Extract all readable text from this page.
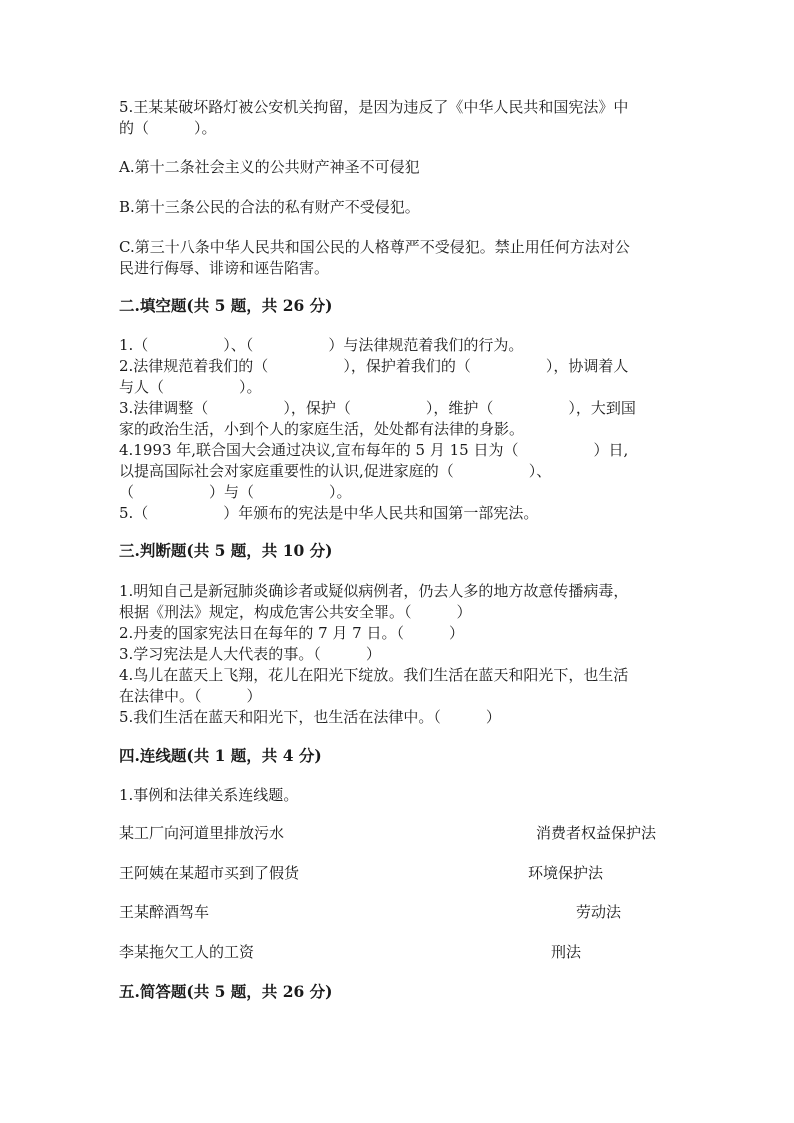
5.王某某破坏路灯被公安机关拘留，是因为违反了《中华人民共和国宪法》中
的（　　　）。
A.第十二条社会主义的公共财产神圣不可侵犯
B.第十三条公民的合法的私有财产不受侵犯。
C.第三十八条中华人民共和国公民的人格尊严不受侵犯。禁止用任何方法对公
民进行侮辱、诽谤和诬告陷害。
二.填空题(共 5 题，共 26 分)
1.（　　　　　）、（　　　　　）与法律规范着我们的行为。
2.法律规范着我们的（　　　　　），保护着我们的（　　　　　），协调着人
与人（　　　　　）。
3.法律调整（　　　　　），保护（　　　　　），维护（　　　　　），大到国
家的政治生活，小到个人的家庭生活，处处都有法律的身影。
4.1993 年,联合国大会通过决议,宣布每年的 5 月 15 日为（　　　　　）日,
以提高国际社会对家庭重要性的认识,促进家庭的（　　　　　）、
（　　　　　）与（　　　　　）。
5.（　　　　　）年颁布的宪法是中华人民共和国第一部宪法。
三.判断题(共 5 题，共 10 分)
1.明知自己是新冠肺炎确诊者或疑似病例者，仍去人多的地方故意传播病毒，
根据《刑法》规定，构成危害公共安全罪。（　　　）
2.丹麦的国家宪法日在每年的 7 月 7 日。（　　　）
3.学习宪法是人大代表的事。（　　　）
4.鸟儿在蓝天上飞翔，花儿在阳光下绽放。我们生活在蓝天和阳光下，也生活
在法律中。（　　　）
5.我们生活在蓝天和阳光下，也生活在法律中。（　　　）
四.连线题(共 1 题，共 4 分)
1.事例和法律关系连线题。
某工厂向河道里排放污水	消费者权益保护法
王阿姨在某超市买到了假货	环境保护法
王某醉酒驾车	劳动法
李某拖欠工人的工资	刑法
五.简答题(共 5 题，共 26 分)
